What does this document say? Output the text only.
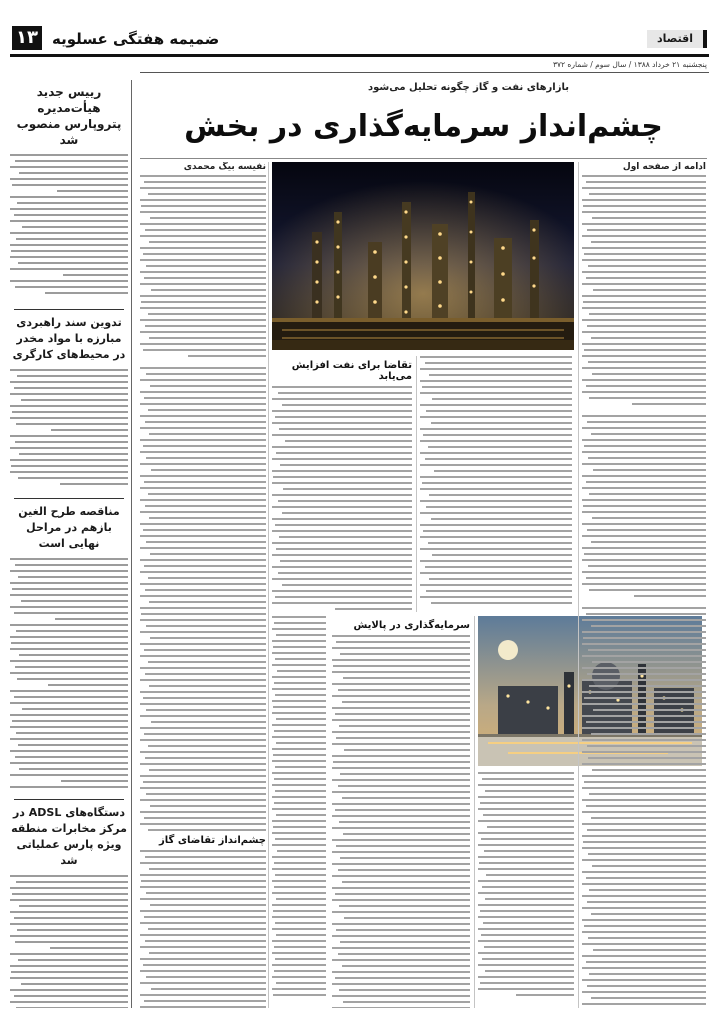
۱۳	اقتصاد
ضمیمه هفتگی عسلویه
پنجشنبه ۲۱ خرداد ۱۳۸۸ / سال سوم / شماره ۳۷۲
رییس جدید هیأت‌مدیره پتروپارس منصوب شد
تدوین سند راهبردی مبارزه با مواد مخدر در محیط‌های کارگری
مناقصه طرح الغین بازهم در مراحل نهایی است
دستگاه‌های ADSL در مرکز مخابرات منطقه ویژه پارس عملیاتی شد
بازارهای نفت و گاز چگونه تحلیل می‌شود
چشم‌انداز سرمایه‌گذاری در بخش
ادامه از صفحه اول
تقاضا برای نفت افزایش می‌یابد
سرمایه‌گذاری در پالایش
نفیسه بیگ محمدی
چشم‌انداز تقاضای گاز
